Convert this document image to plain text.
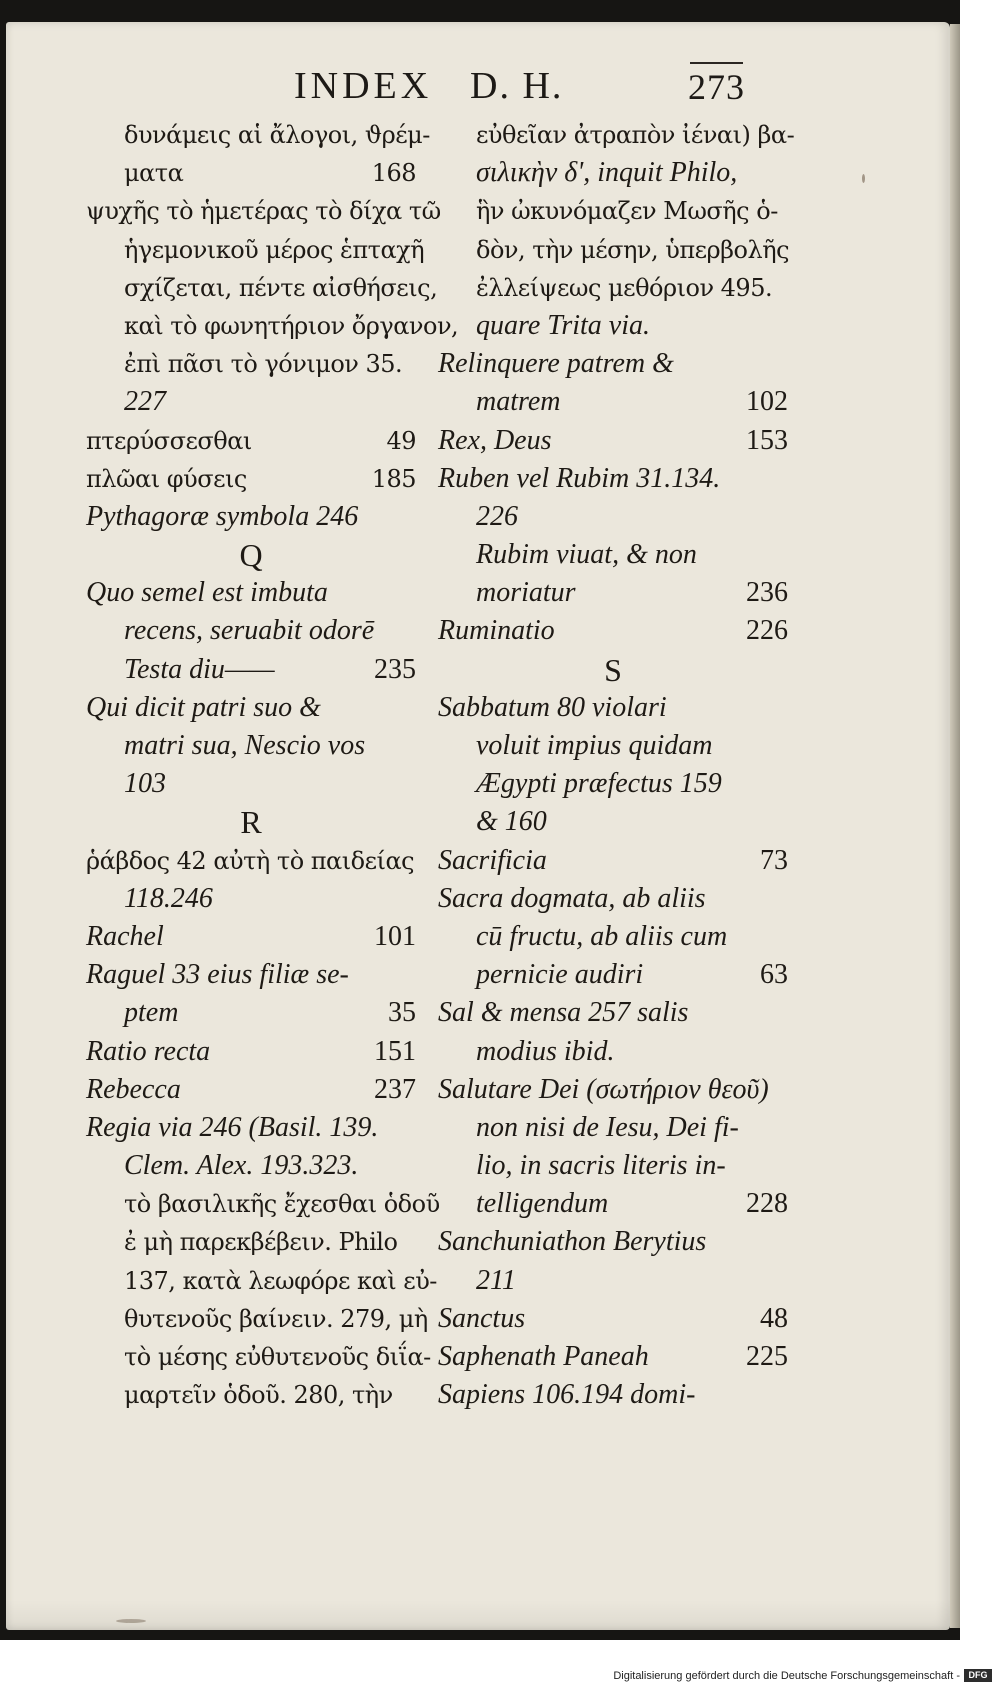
INDEX D. H.	273
δυνάμεις αἱ ἄλογοι, ϑρέμ-
ματα	168
ψυχῆς τὸ ἡμετέρας τὸ δίχα τῶ
ἡγεμονικοῦ μέρος ἑπταχῆ
σχίζεται, πέντε αἰσθήσεις,
καὶ τὸ φωνητήριον ὄργανον,
ἐπὶ πᾶσι τὸ γόνιμον 35.
227
πτερύσσεσθαι	49
πλῶαι φύσεις	185
Pythagoræ symbola 246
Q
Quo semel est imbuta
recens, seruabit odorē
Testa diu——	235
Qui dicit patri suo &
matri sua, Nescio vos
103
R
ῥάβδος 42 αὐτὴ τὸ παιδείας
118.246
Rachel	101
Raguel 33 eius filiæ se-
ptem	35
Ratio recta	151
Rebecca	237
Regia via 246 (Basil. 139.
Clem. Alex. 193.323.
τὸ βασιλικῆς ἔχεσθαι ὁδοῦ
ἐ μὴ παρεκβέβειν. Philo
137, κατὰ λεωφόρε καὶ εὐ-
θυτενοῦς βαίνειν. 279, μὴ
τὸ μέσης εὐθυτενοῦς διΐα-
μαρτεῖν ὁδοῦ. 280, τὴν
εὐθεῖαν ἀτραπὸν ἰέναι) βα-
σιλικὴν δ', inquit Philo,
ἣν ὠκυνόμαζεν Μωσῆς ὁ-
δὸν, τὴν μέσην, ὑπερβολῆς
ἐλλείψεως μεθόριον 495.
quare Trita via.
Relinquere patrem &
matrem	102
Rex, Deus	153
Ruben vel Rubim 31.134.
226
Rubim viuat, & non
moriatur	236
Ruminatio	226
S
Sabbatum 80 violari
voluit impius quidam
Ægypti præfectus 159
& 160
Sacrificia	73
Sacra dogmata, ab aliis
cū fructu, ab aliis cum
pernicie audiri	63
Sal & mensa 257 salis
modius ibid.
Salutare Dei (σωτήριον θεοῦ)
non nisi de Iesu, Dei fi-
lio, in sacris literis in-
telligendum	228
Sanchuniathon Berytius
211
Sanctus	48
Saphenath Paneah	225
Sapiens 106.194 domi-
Digitalisierung gefördert durch die Deutsche Forschungsgemeinschaft - DFG
